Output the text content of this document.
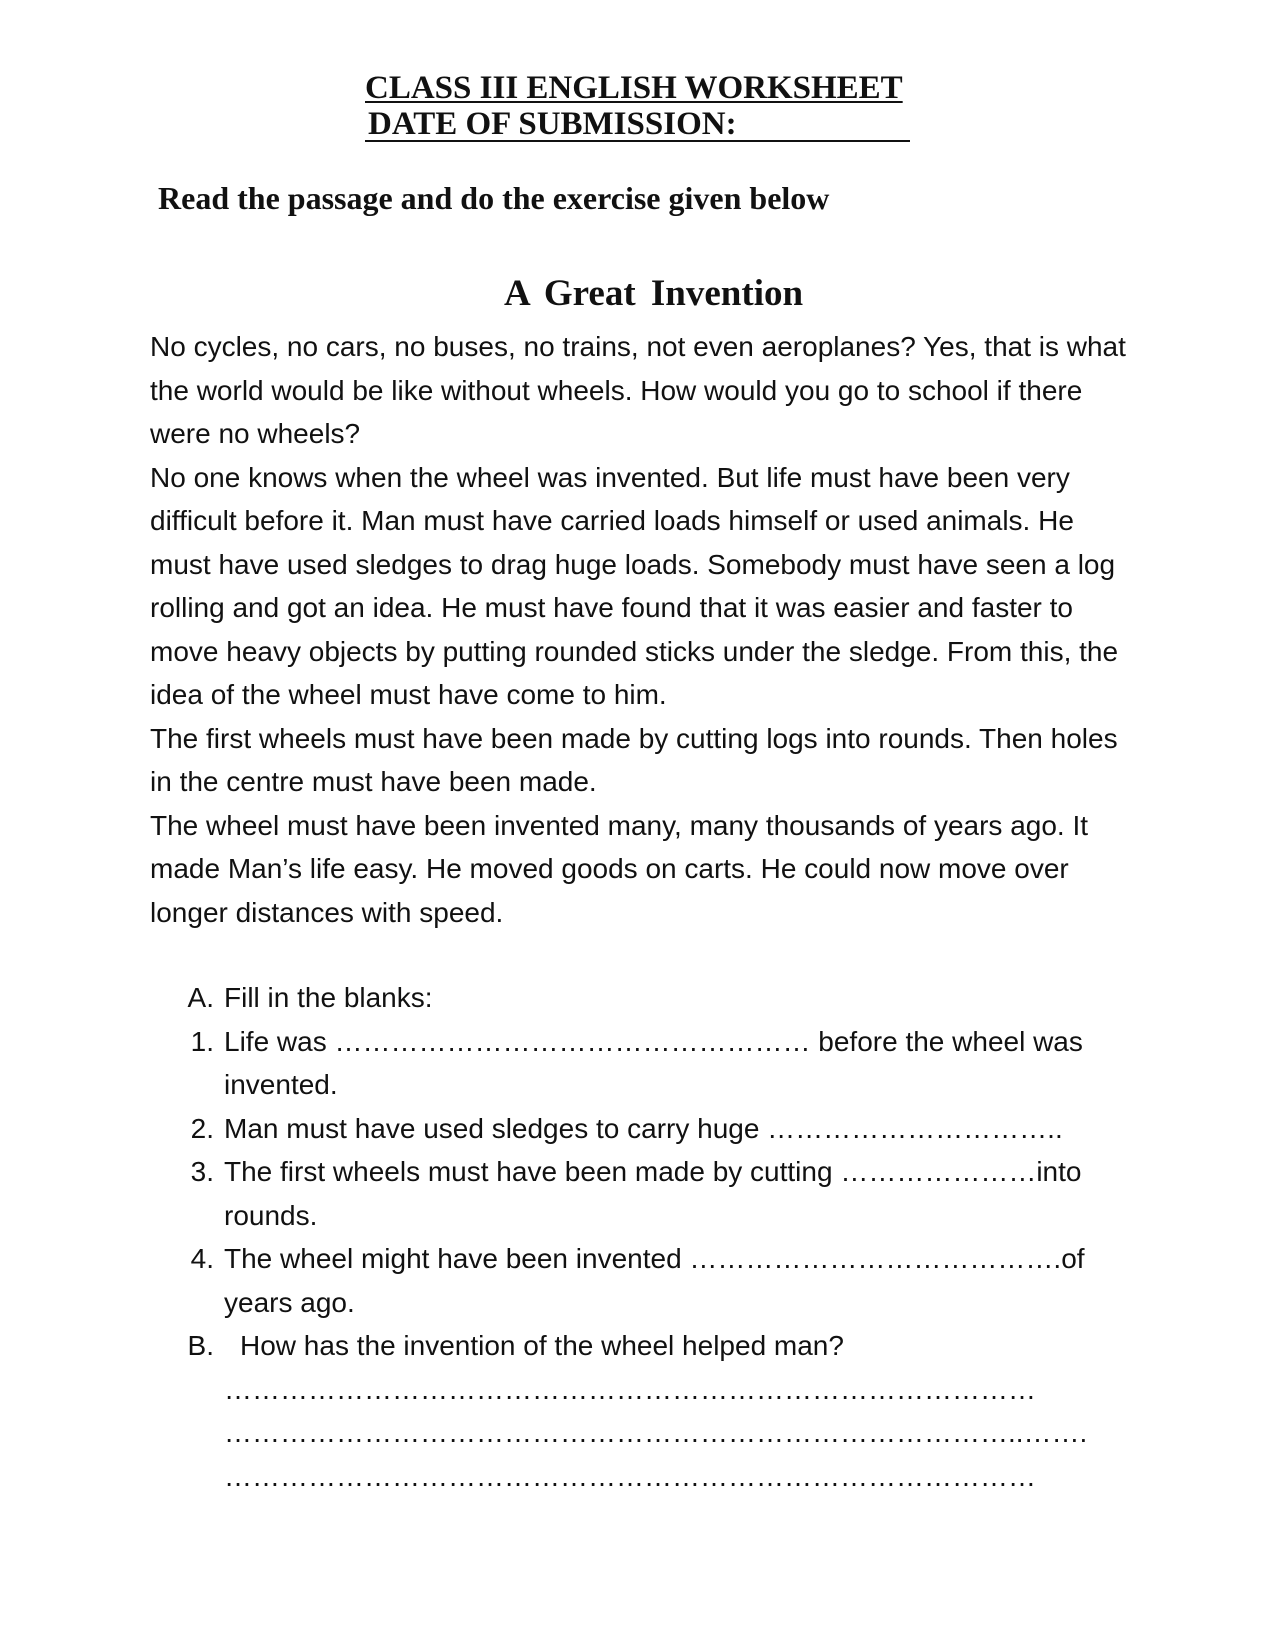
CLASS III ENGLISH WORKSHEET
DATE OF SUBMISSION:
Read the passage and do the exercise given below
A Great Invention

No cycles, no cars, no buses, no trains, not even aeroplanes? Yes, that is what the world would be like without wheels. How would you go to school if there were no wheels?

No one knows when the wheel was invented. But life must have been very difficult before it. Man must have carried loads himself or used animals. He must have used sledges to drag huge loads. Somebody must have seen a log rolling and got an idea. He must have found that it was easier and faster to move heavy objects by putting rounded sticks under the sledge. From this, the idea of the wheel must have come to him.

The first wheels must have been made by cutting logs into rounds. Then holes in the centre must have been made.

The wheel must have been invented many, many thousands of years ago. It made Man’s life easy. He moved goods on carts. He could now move over longer distances with speed.

A. Fill in the blanks:
1. Life was …………………………………………… before the wheel was invented.
2. Man must have used sledges to carry huge …………………………..
3. The first wheels must have been made by cutting …………………into rounds.
4. The wheel might have been invented ………………………………….of years ago.
B. How has the invention of the wheel helped man?
……………………………………………………………………………
…………………………………………………………………………..…….
……………………………………………………………………………
